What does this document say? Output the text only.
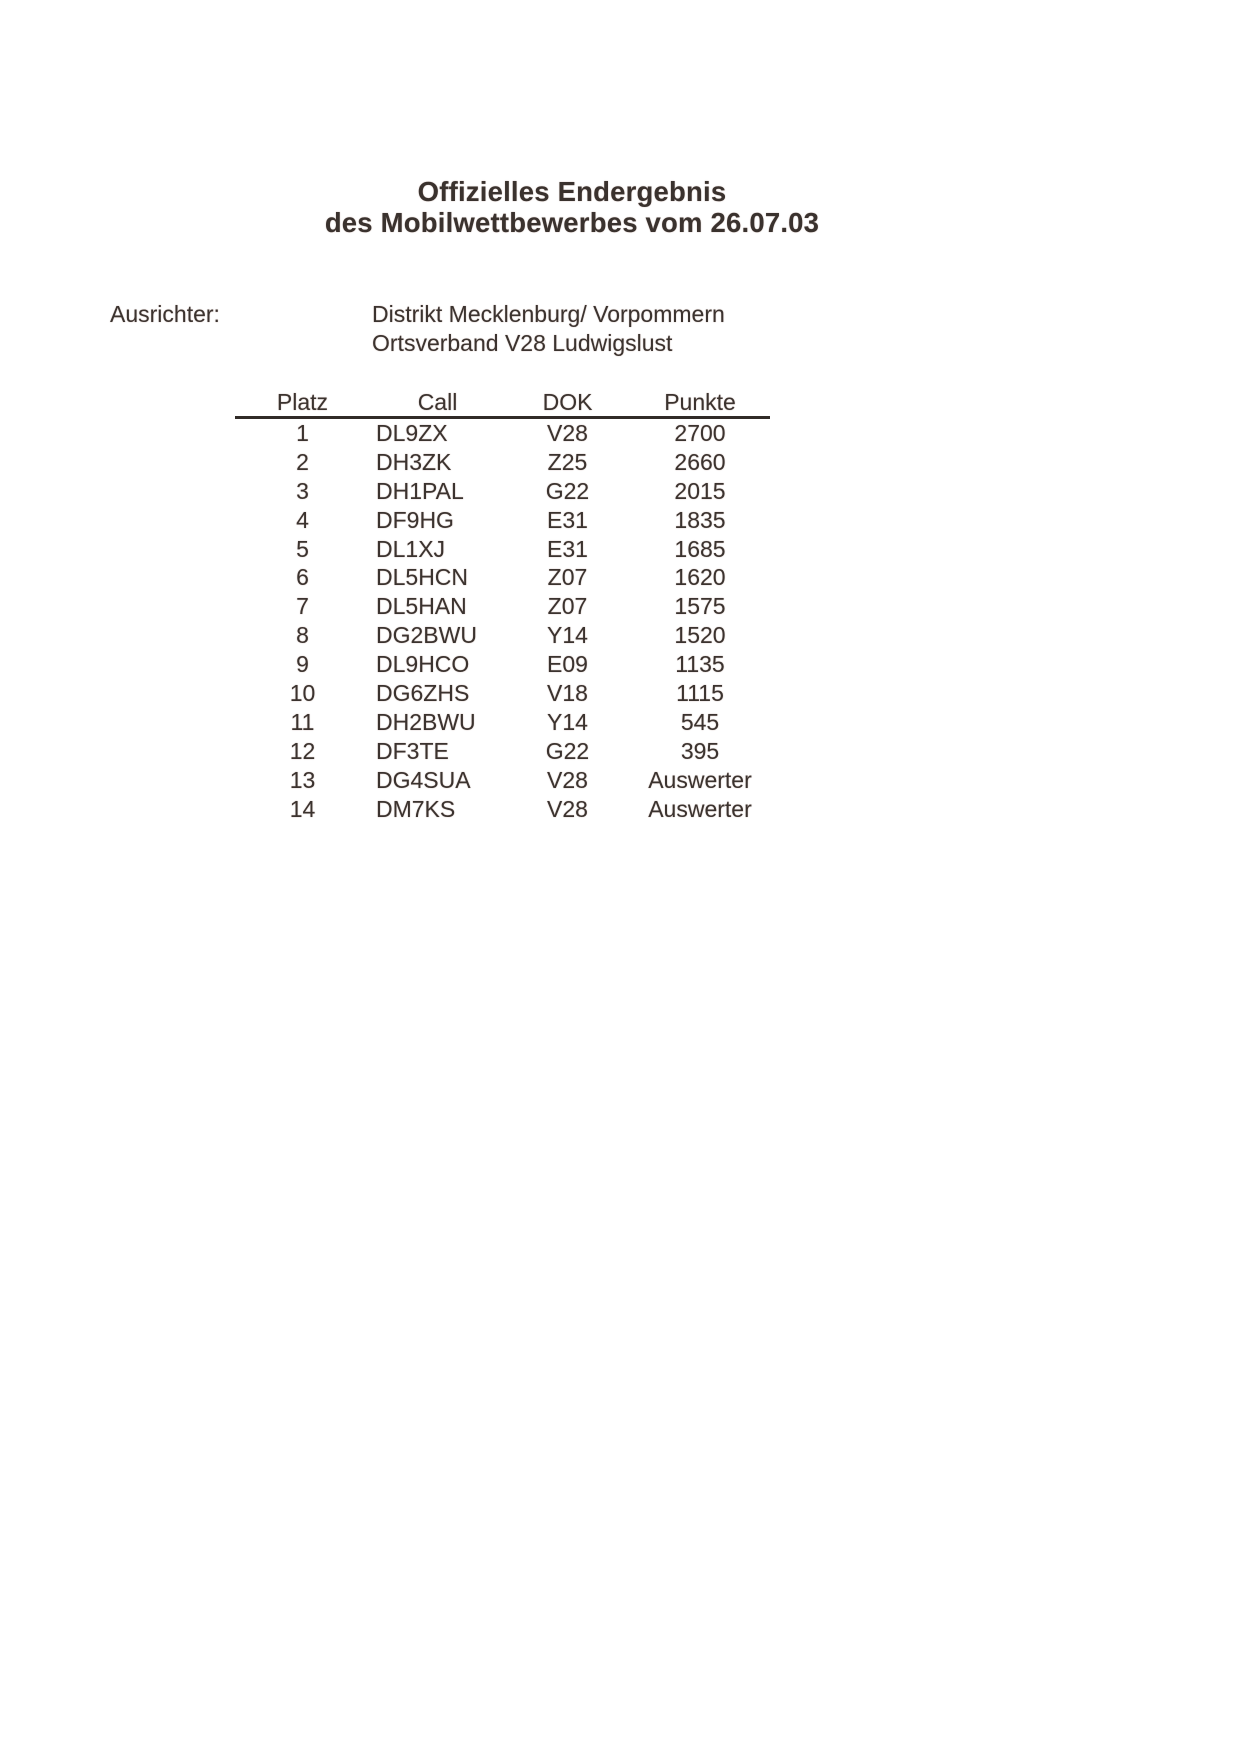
Offizielles Endergebnis
des Mobilwettbewerbes vom 26.07.03
Ausrichter:	Distrikt Mecklenburg/ Vorpommern
Ortsverband V28 Ludwigslust
Platz	Call	DOK	Punkte
1	DL9ZX	V28	2700
2	DH3ZK	Z25	2660
3	DH1PAL	G22	2015
4	DF9HG	E31	1835
5	DL1XJ	E31	1685
6	DL5HCN	Z07	1620
7	DL5HAN	Z07	1575
8	DG2BWU	Y14	1520
9	DL9HCO	E09	1135
10	DG6ZHS	V18	1115
11	DH2BWU	Y14	545
12	DF3TE	G22	395
13	DG4SUA	V28	Auswerter
14	DM7KS	V28	Auswerter
